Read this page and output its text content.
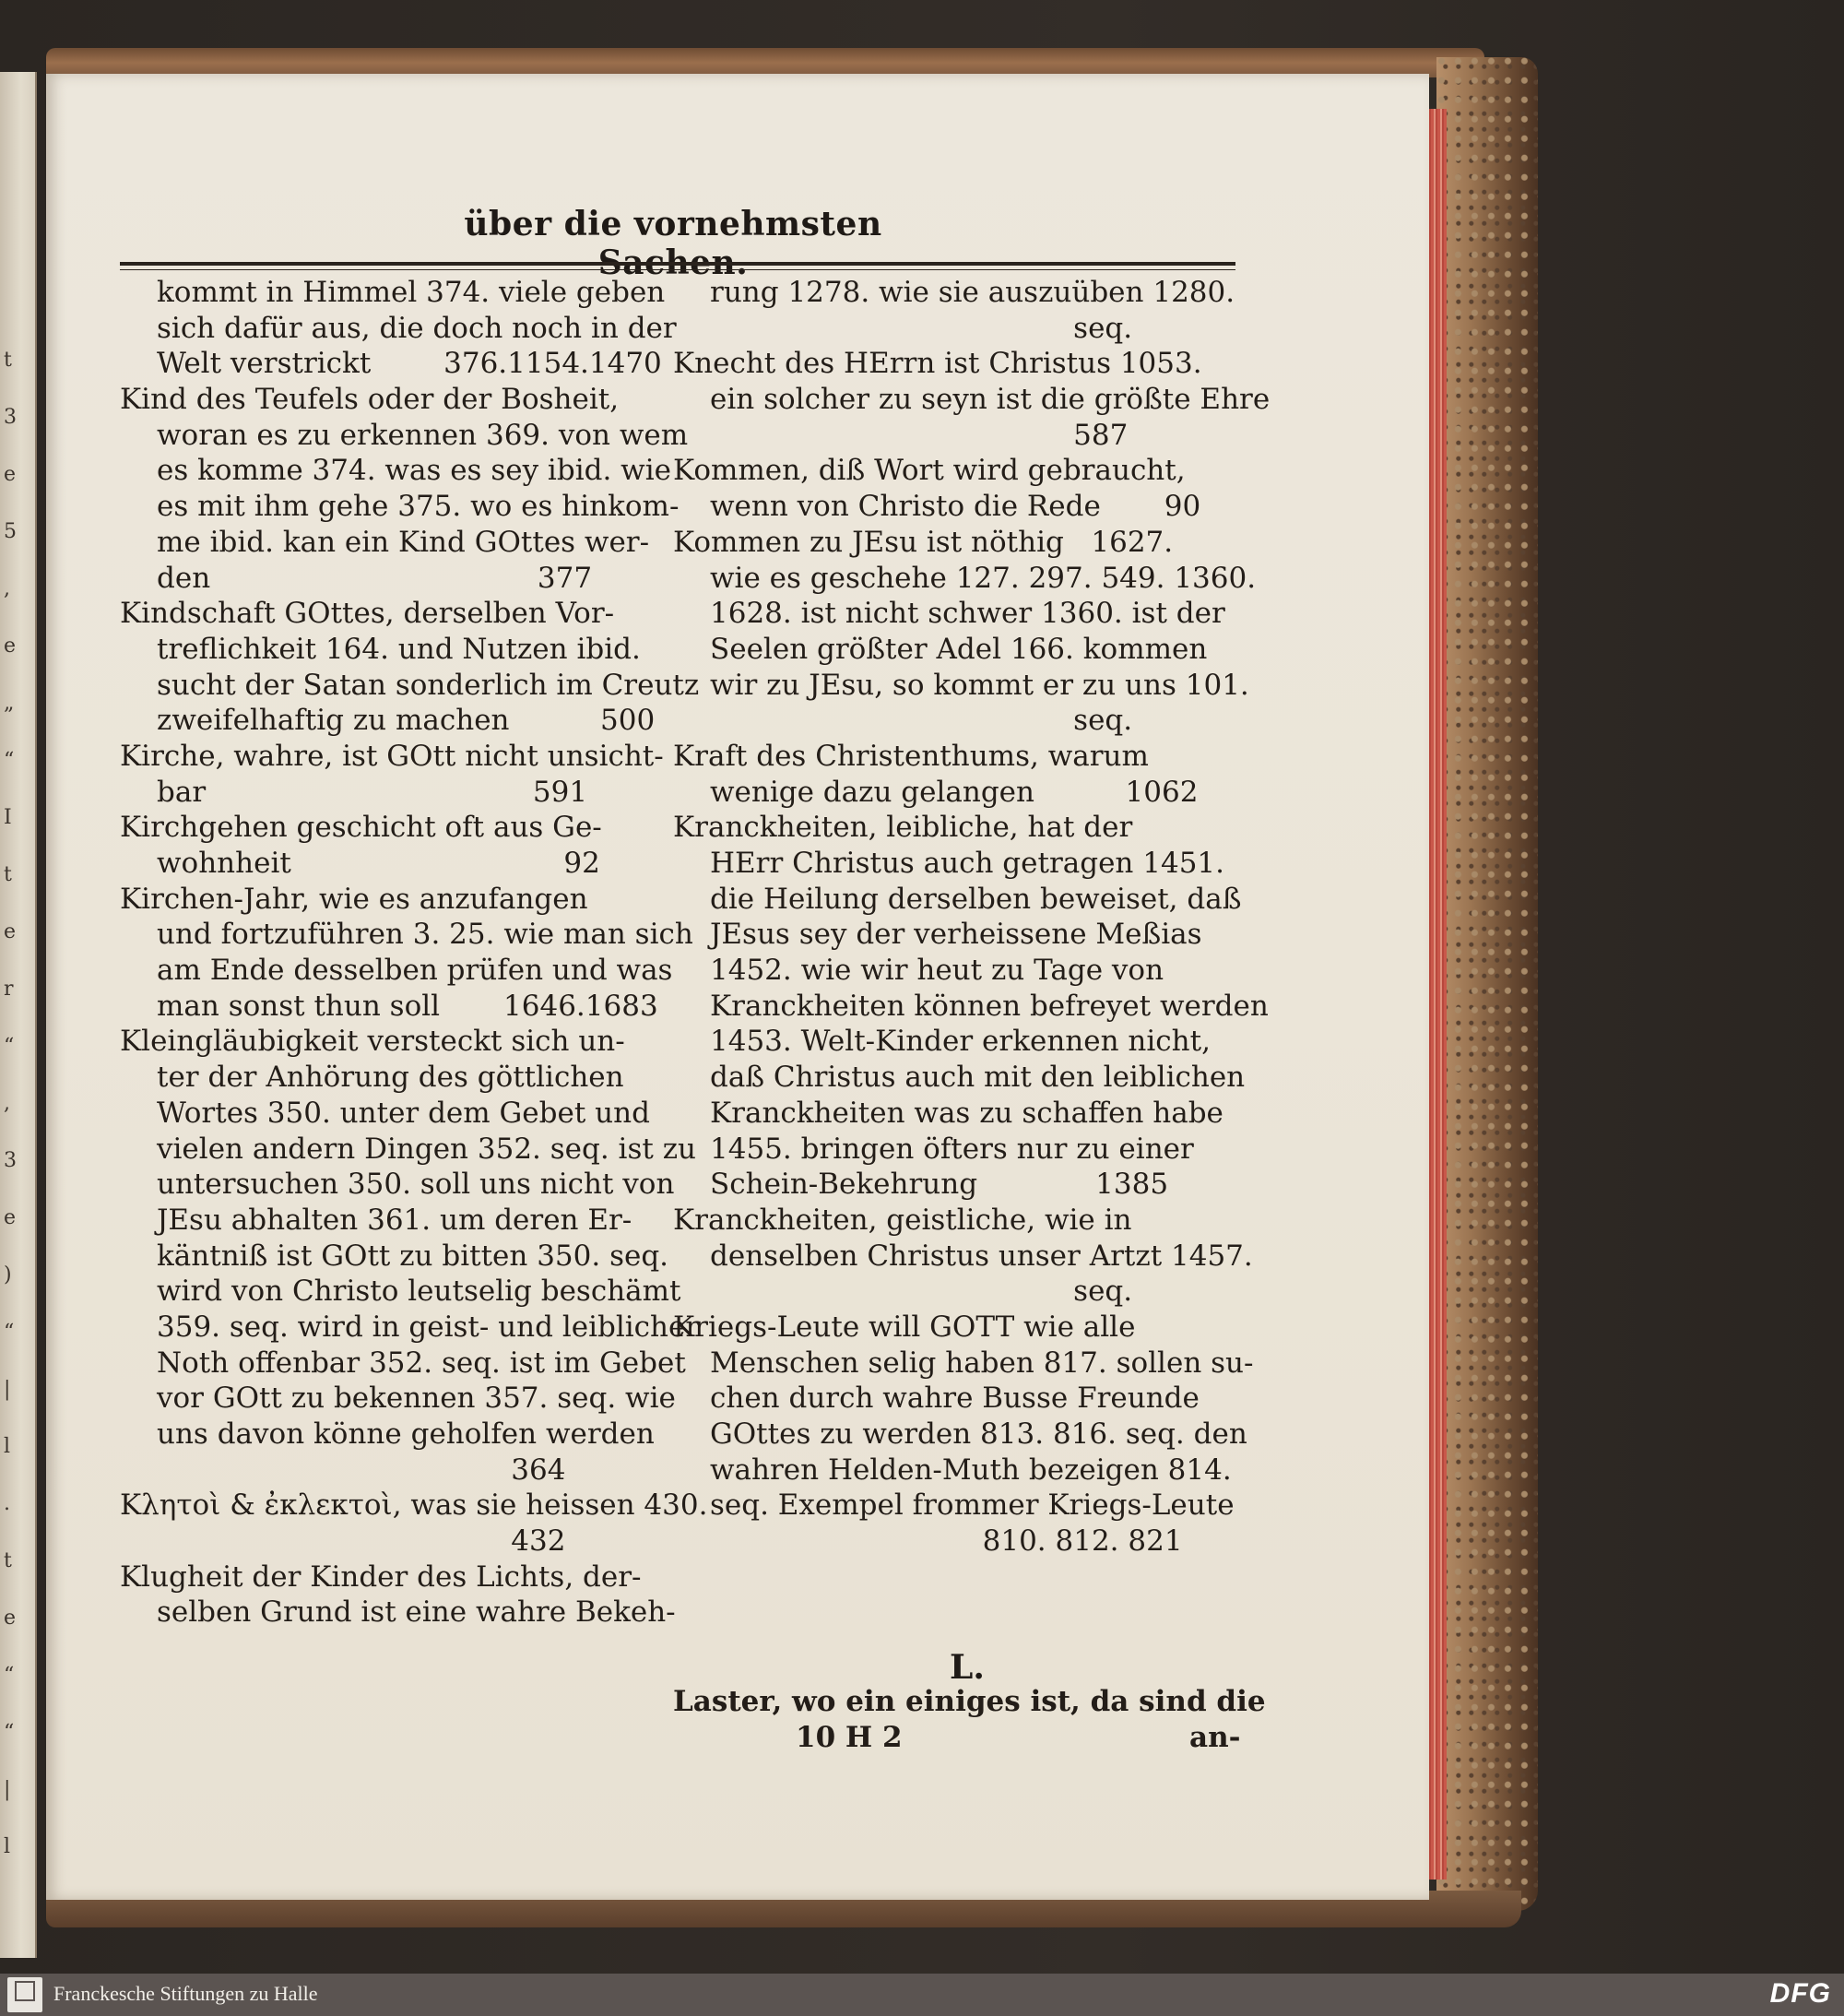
t
3
e
5
,
e
„
“
I
t
e
r
“
,
3
e
)
“
|
l
.
t
e
“
“
|
l
über die vornehmsten Sachen.
kommt in Himmel 374. viele geben
sich dafür aus, die doch noch in der
Welt verstrickt        376.1154.1470
Kind des Teufels oder der Bosheit,
woran es zu erkennen 369. von wem
es komme 374. was es sey ibid. wie
es mit ihm gehe 375. wo es hinkom-
me ibid. kan ein Kind GOttes wer-
den                                    377
Kindschaft GOttes, derselben Vor-
treflichkeit 164. und Nutzen ibid.
sucht der Satan sonderlich im Creutz
zweifelhaftig zu machen          500
Kirche, wahre, ist GOtt nicht unsicht-
bar                                    591
Kirchgehen geschicht oft aus Ge-
wohnheit                              92
Kirchen-Jahr, wie es anzufangen
und fortzuführen 3. 25. wie man sich
am Ende desselben prüfen und was
man sonst thun soll       1646.1683
Kleingläubigkeit versteckt sich un-
ter der Anhörung des göttlichen
Wortes 350. unter dem Gebet und
vielen andern Dingen 352. seq. ist zu
untersuchen 350. soll uns nicht von
JEsu abhalten 361. um deren Er-
käntniß ist GOtt zu bitten 350. seq.
wird von Christo leutselig beschämt
359. seq. wird in geist- und leiblicher
Noth offenbar 352. seq. ist im Gebet
vor GOtt zu bekennen 357. seq. wie
uns davon könne geholfen werden
364
Κλητοὶ & ἐκλεκτοὶ, was sie heissen 430.
432
Klugheit der Kinder des Lichts, der-
selben Grund ist eine wahre Bekeh-
rung 1278. wie sie auszuüben 1280.
seq.
Knecht des HErrn ist Christus 1053.
ein solcher zu seyn ist die größte Ehre
587
Kommen, diß Wort wird gebraucht,
wenn von Christo die Rede       90
Kommen zu JEsu ist nöthig   1627.
wie es geschehe 127. 297. 549. 1360.
1628. ist nicht schwer 1360. ist der
Seelen größter Adel 166. kommen
wir zu JEsu, so kommt er zu uns 101.
seq.
Kraft des Christenthums, warum
wenige dazu gelangen          1062
Kranckheiten, leibliche, hat der
HErr Christus auch getragen 1451.
die Heilung derselben beweiset, daß
JEsus sey der verheissene Meßias
1452. wie wir heut zu Tage von
Kranckheiten können befreyet werden
1453. Welt-Kinder erkennen nicht,
daß Christus auch mit den leiblichen
Kranckheiten was zu schaffen habe
1455. bringen öfters nur zu einer
Schein-Bekehrung             1385
Kranckheiten, geistliche, wie in
denselben Christus unser Artzt 1457.
seq.
Kriegs-Leute will GOTT wie alle
Menschen selig haben 817. sollen su-
chen durch wahre Busse Freunde
GOttes zu werden 813. 816. seq. den
wahren Helden-Muth bezeigen 814.
seq. Exempel frommer Kriegs-Leute
810. 812. 821
L.
Laster, wo ein einiges ist, da sind die
10 H 2	an-
Franckesche Stiftungen zu Halle	DFG
